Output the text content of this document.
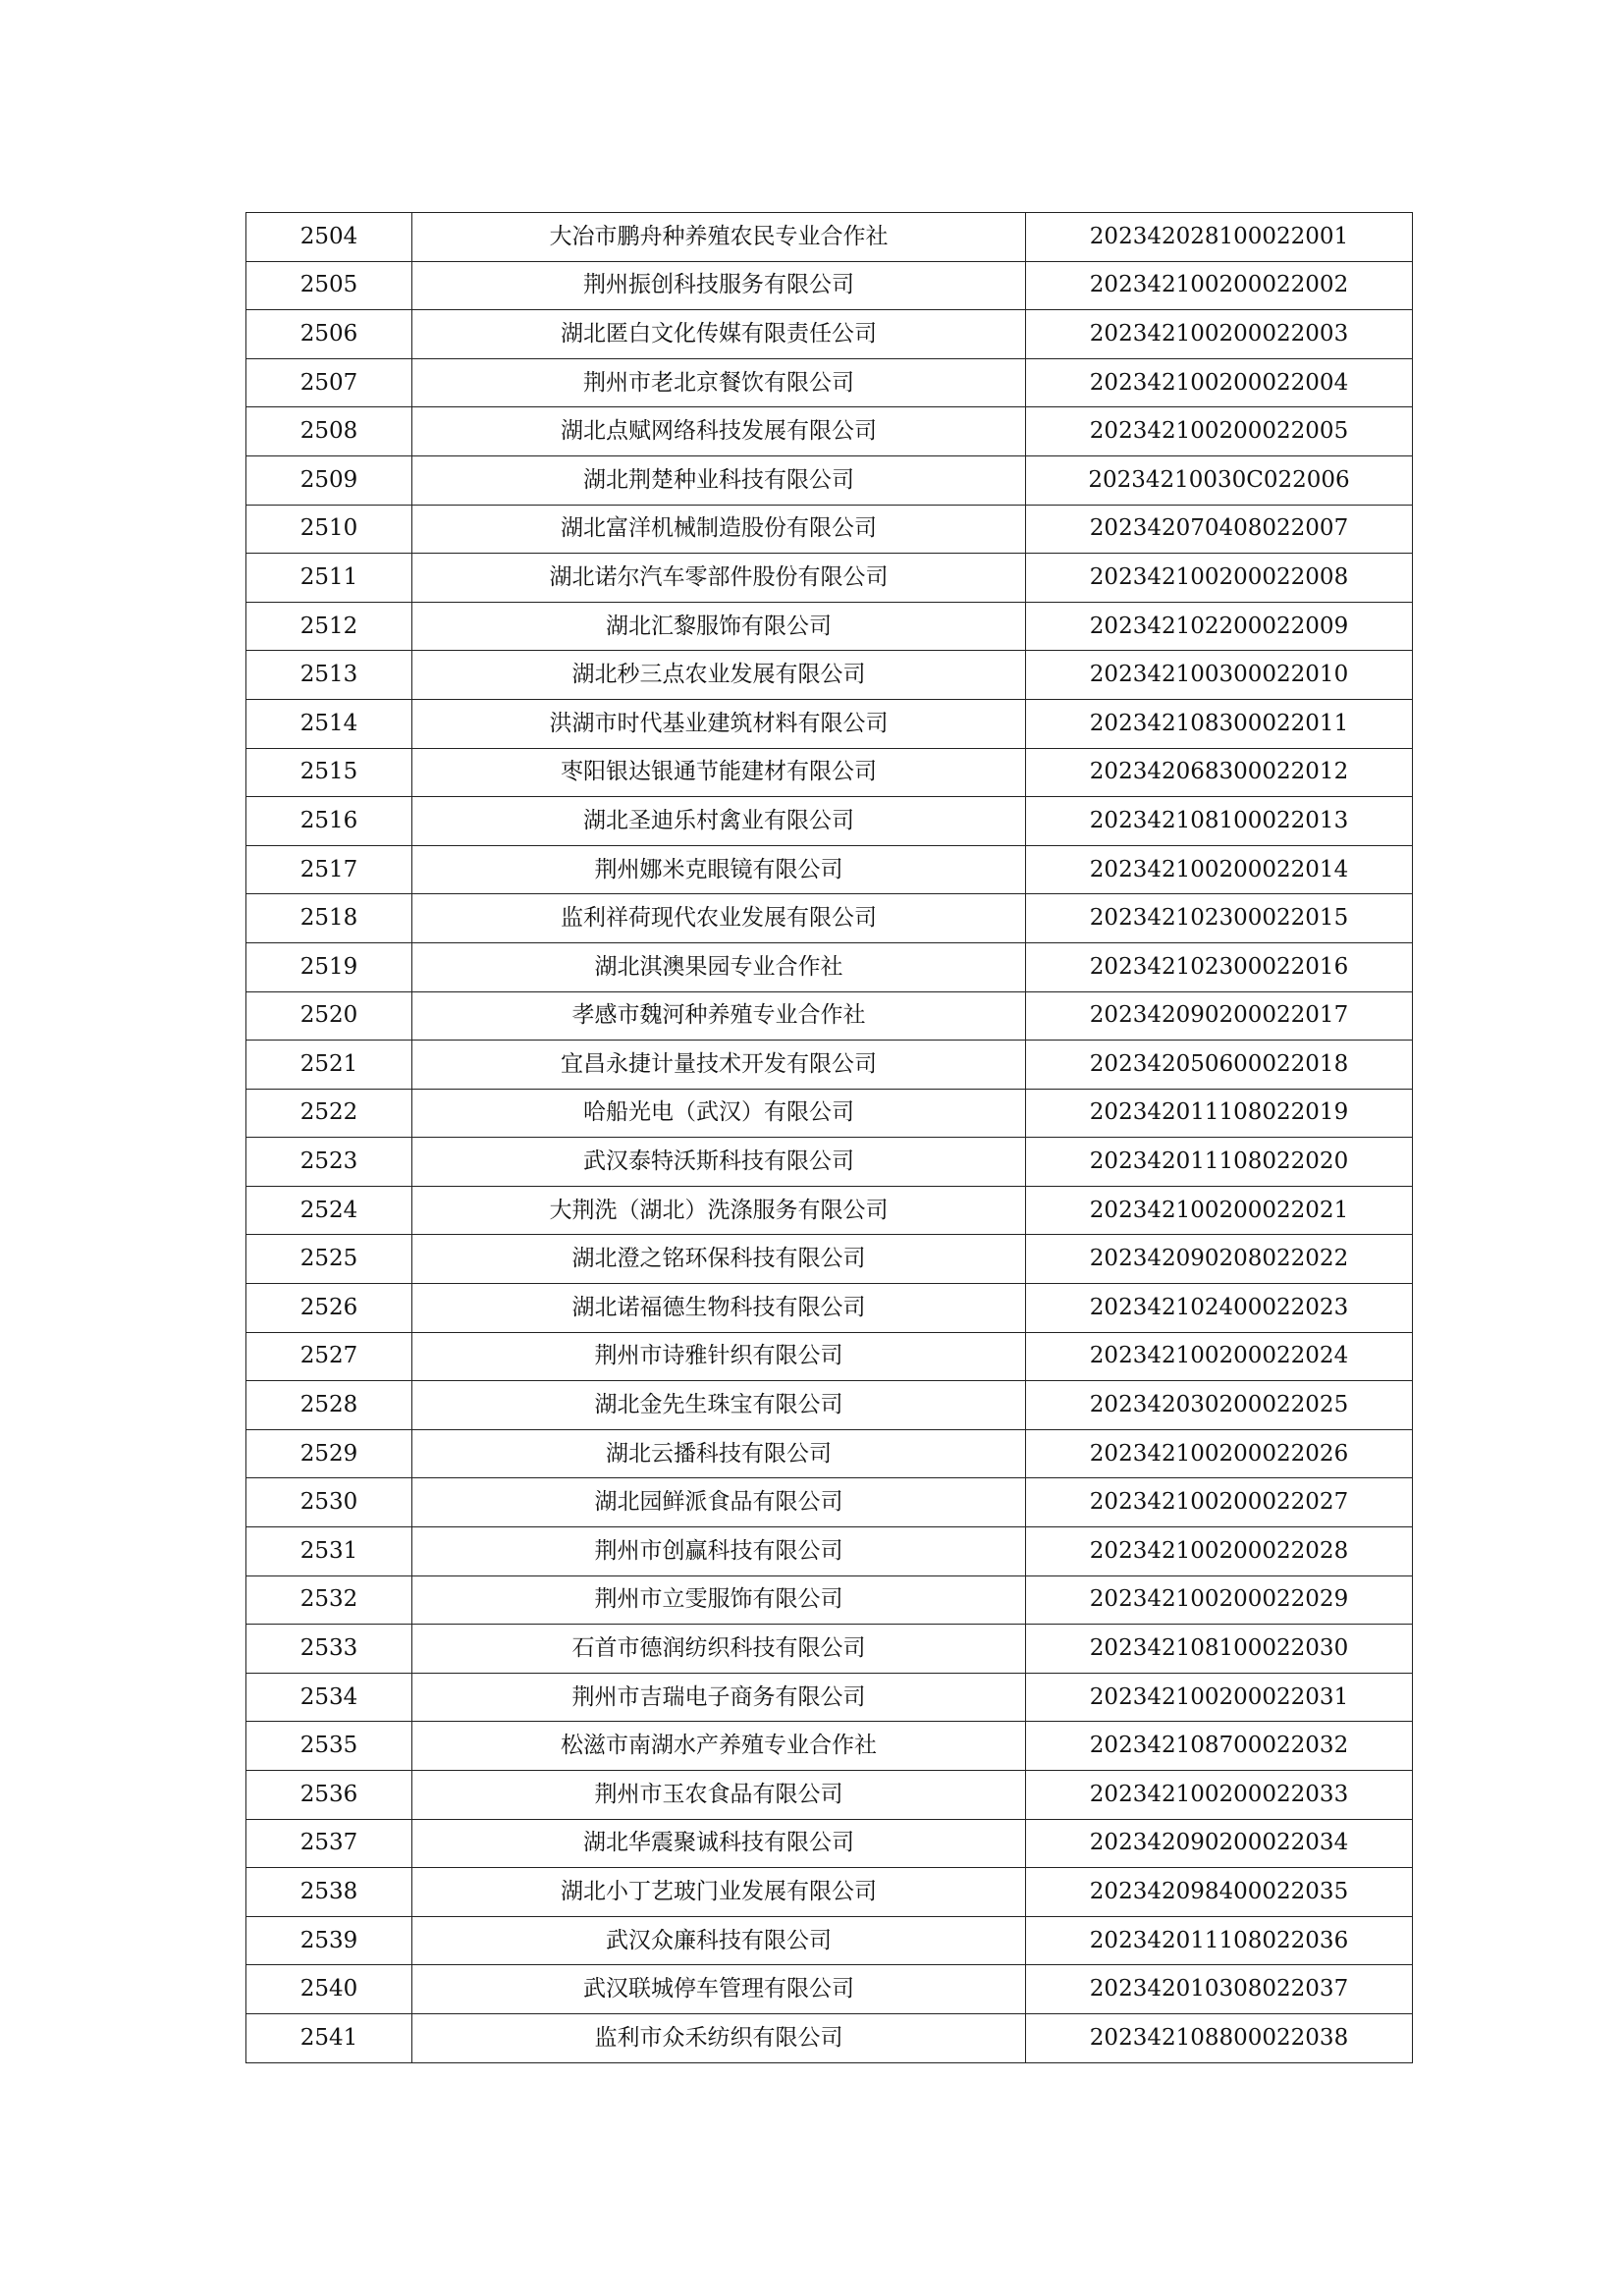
2504	大冶市鹏舟种养殖农民专业合作社	202342028100022001
2505	荆州振创科技服务有限公司	202342100200022002
2506	湖北匿白文化传媒有限责任公司	202342100200022003
2507	荆州市老北京餐饮有限公司	202342100200022004
2508	湖北点赋网络科技发展有限公司	202342100200022005
2509	湖北荆楚种业科技有限公司	20234210030C022006
2510	湖北富洋机械制造股份有限公司	202342070408022007
2511	湖北诺尔汽车零部件股份有限公司	202342100200022008
2512	湖北汇黎服饰有限公司	202342102200022009
2513	湖北秒三点农业发展有限公司	202342100300022010
2514	洪湖市时代基业建筑材料有限公司	202342108300022011
2515	枣阳银达银通节能建材有限公司	202342068300022012
2516	湖北圣迪乐村禽业有限公司	202342108100022013
2517	荆州娜米克眼镜有限公司	202342100200022014
2518	监利祥荷现代农业发展有限公司	202342102300022015
2519	湖北淇澳果园专业合作社	202342102300022016
2520	孝感市魏河种养殖专业合作社	202342090200022017
2521	宜昌永捷计量技术开发有限公司	202342050600022018
2522	哈船光电（武汉）有限公司	202342011108022019
2523	武汉泰特沃斯科技有限公司	202342011108022020
2524	大荆洗（湖北）洗涤服务有限公司	202342100200022021
2525	湖北澄之铭环保科技有限公司	202342090208022022
2526	湖北诺福德生物科技有限公司	202342102400022023
2527	荆州市诗雅针织有限公司	202342100200022024
2528	湖北金先生珠宝有限公司	202342030200022025
2529	湖北云播科技有限公司	202342100200022026
2530	湖北园鲜派食品有限公司	202342100200022027
2531	荆州市创赢科技有限公司	202342100200022028
2532	荆州市立雯服饰有限公司	202342100200022029
2533	石首市德润纺织科技有限公司	202342108100022030
2534	荆州市吉瑞电子商务有限公司	202342100200022031
2535	松滋市南湖水产养殖专业合作社	202342108700022032
2536	荆州市玉农食品有限公司	202342100200022033
2537	湖北华震聚诚科技有限公司	202342090200022034
2538	湖北小丁艺玻门业发展有限公司	202342098400022035
2539	武汉众廉科技有限公司	202342011108022036
2540	武汉联城停车管理有限公司	202342010308022037
2541	监利市众禾纺织有限公司	202342108800022038
